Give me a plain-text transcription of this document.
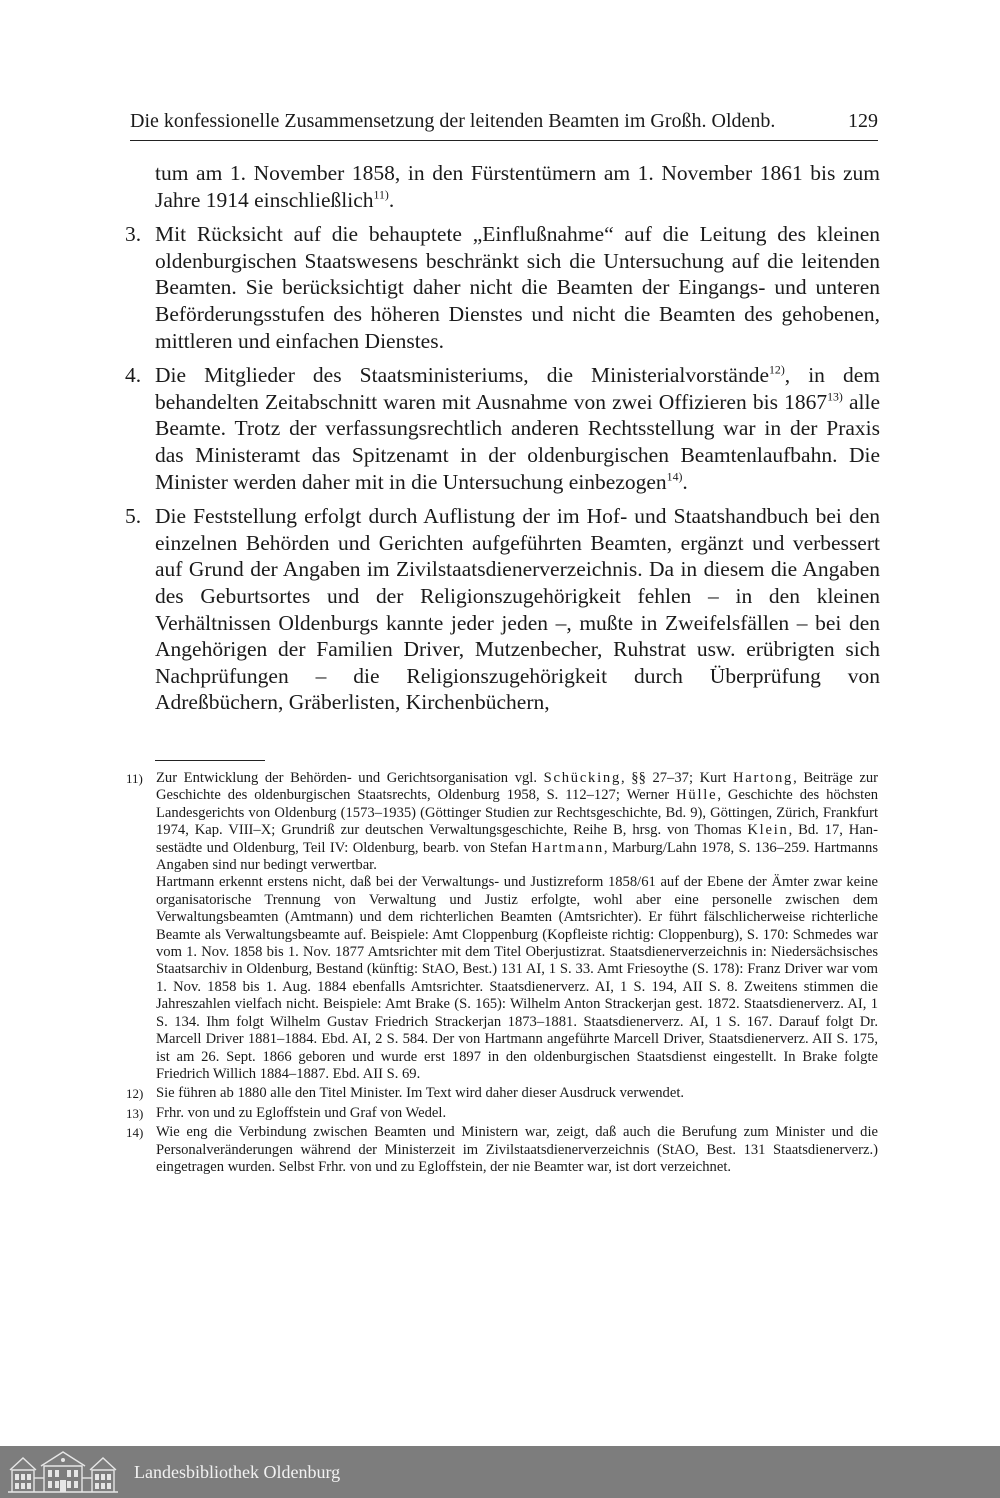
Die konfessionelle Zusammensetzung der leitenden Beamten im Großh. Oldenb.	129

tum am 1. November 1858, in den Fürstentümern am 1. November 1861 bis zum Jahre 1914 einschließlich$^{11)}$.

3. Mit Rücksicht auf die behauptete „Einflußnahme“ auf die Leitung des kleinen oldenburgischen Staatswesens beschränkt sich die Untersuchung auf die leitenden Beamten. Sie berücksichtigt daher nicht die Beamten der Eingangs- und unteren Beförderungsstufen des höheren Dienstes und nicht die Beamten des gehobenen, mittleren und einfachen Dienstes.

4. Die Mitglieder des Staatsministeriums, die Ministerialvorstände$^{12)}$, in dem behandelten Zeitabschnitt waren mit Ausnahme von zwei Offizieren bis 1867$^{13)}$ alle Beamte. Trotz der verfassungsrechtlich anderen Rechtsstellung war in der Praxis das Ministeramt das Spitzenamt in der oldenburgischen Beamtenlaufbahn. Die Minister werden daher mit in die Untersuchung einbezogen$^{14)}$.

5. Die Feststellung erfolgt durch Auflistung der im Hof- und Staatshandbuch bei den einzelnen Behörden und Gerichten aufgeführten Beamten, ergänzt und verbessert auf Grund der Angaben im Zivilstaatsdienerverzeichnis. Da in diesem die Angaben des Geburtsortes und der Religionszugehörigkeit fehlen – in den kleinen Verhältnissen Oldenburgs kannte jeder jeden –, mußte in Zweifelsfällen – bei den Angehörigen der Familien Driver, Mutzenbecher, Ruhstrat usw. erübrigten sich Nachprüfungen – die Religionszugehörigkeit durch Überprüfung von Adreßbüchern, Gräberlisten, Kirchenbüchern,

11) Zur Entwicklung der Behörden- und Gerichtsorganisation vgl. Schücking, §§ 27–37; Kurt Hartong, Beiträge zur Geschichte des oldenburgischen Staatsrechts, Oldenburg 1958, S. 112–127; Werner Hülle, Geschichte des höchsten Landesgerichts von Oldenburg (1573–1935) (Göttinger Studien zur Rechtsgeschichte, Bd. 9), Göttingen, Zürich, Frankfurt 1974, Kap. VIII–X; Grundriß zur deutschen Verwaltungsgeschichte, Reihe B, hrsg. von Thomas Klein, Bd. 17, Hansestädte und Oldenburg, Teil IV: Oldenburg, bearb. von Stefan Hartmann, Marburg/Lahn 1978, S. 136–259. Hartmanns Angaben sind nur bedingt verwertbar.

Hartmann erkennt erstens nicht, daß bei der Verwaltungs- und Justizreform 1858/61 auf der Ebene der Ämter zwar keine organisatorische Trennung von Verwaltung und Justiz erfolgte, wohl aber eine personelle zwischen dem Verwaltungsbeamten (Amtmann) und dem richterlichen Beamten (Amtsrichter). Er führt fälschlicherweise richterliche Beamte als Verwaltungsbeamte auf. Beispiele: Amt Cloppenburg (Kopfleiste richtig: Cloppenburg), S. 170: Schmedes war vom 1. Nov. 1858 bis 1. Nov. 1877 Amtsrichter mit dem Titel Oberjustizrat. Staatsdienerverzeichnis in: Niedersächsisches Staatsarchiv in Oldenburg, Bestand (künftig: StAO, Best.) 131 AI, 1 S. 33. Amt Friesoythe (S. 178): Franz Driver war vom 1. Nov. 1858 bis 1. Aug. 1884 ebenfalls Amtsrichter. Staatsdienerverz. AI, 1 S. 194, AII S. 8. Zweitens stimmen die Jahreszahlen vielfach nicht. Beispiele: Amt Brake (S. 165): Wilhelm Anton Strackerjan gest. 1872. Staatsdienerverz. AI, 1 S. 134. Ihm folgt Wilhelm Gustav Friedrich Strackerjan 1873–1881. Staatsdienerverz. AI, 1 S. 167. Darauf folgt Dr. Marcell Driver 1881–1884. Ebd. AI, 2 S. 584. Der von Hartmann angeführte Marcell Driver, Staatsdienerverz. AII S. 175, ist am 26. Sept. 1866 geboren und wurde erst 1897 in den oldenburgischen Staatsdienst eingestellt. In Brake folgte Friedrich Willich 1884–1887. Ebd. AII S. 69.

12) Sie führen ab 1880 alle den Titel Minister. Im Text wird daher dieser Ausdruck verwendet.

13) Frhr. von und zu Egloffstein und Graf von Wedel.

14) Wie eng die Verbindung zwischen Beamten und Ministern war, zeigt, daß auch die Berufung zum Minister und die Personalveränderungen während der Ministerzeit im Zivilstaatsdienerverzeichnis (StAO, Best. 131 Staatsdienerverz.) eingetragen wurden. Selbst Frhr. von und zu Egloffstein, der nie Beamter war, ist dort verzeichnet.

Landesbibliothek Oldenburg
